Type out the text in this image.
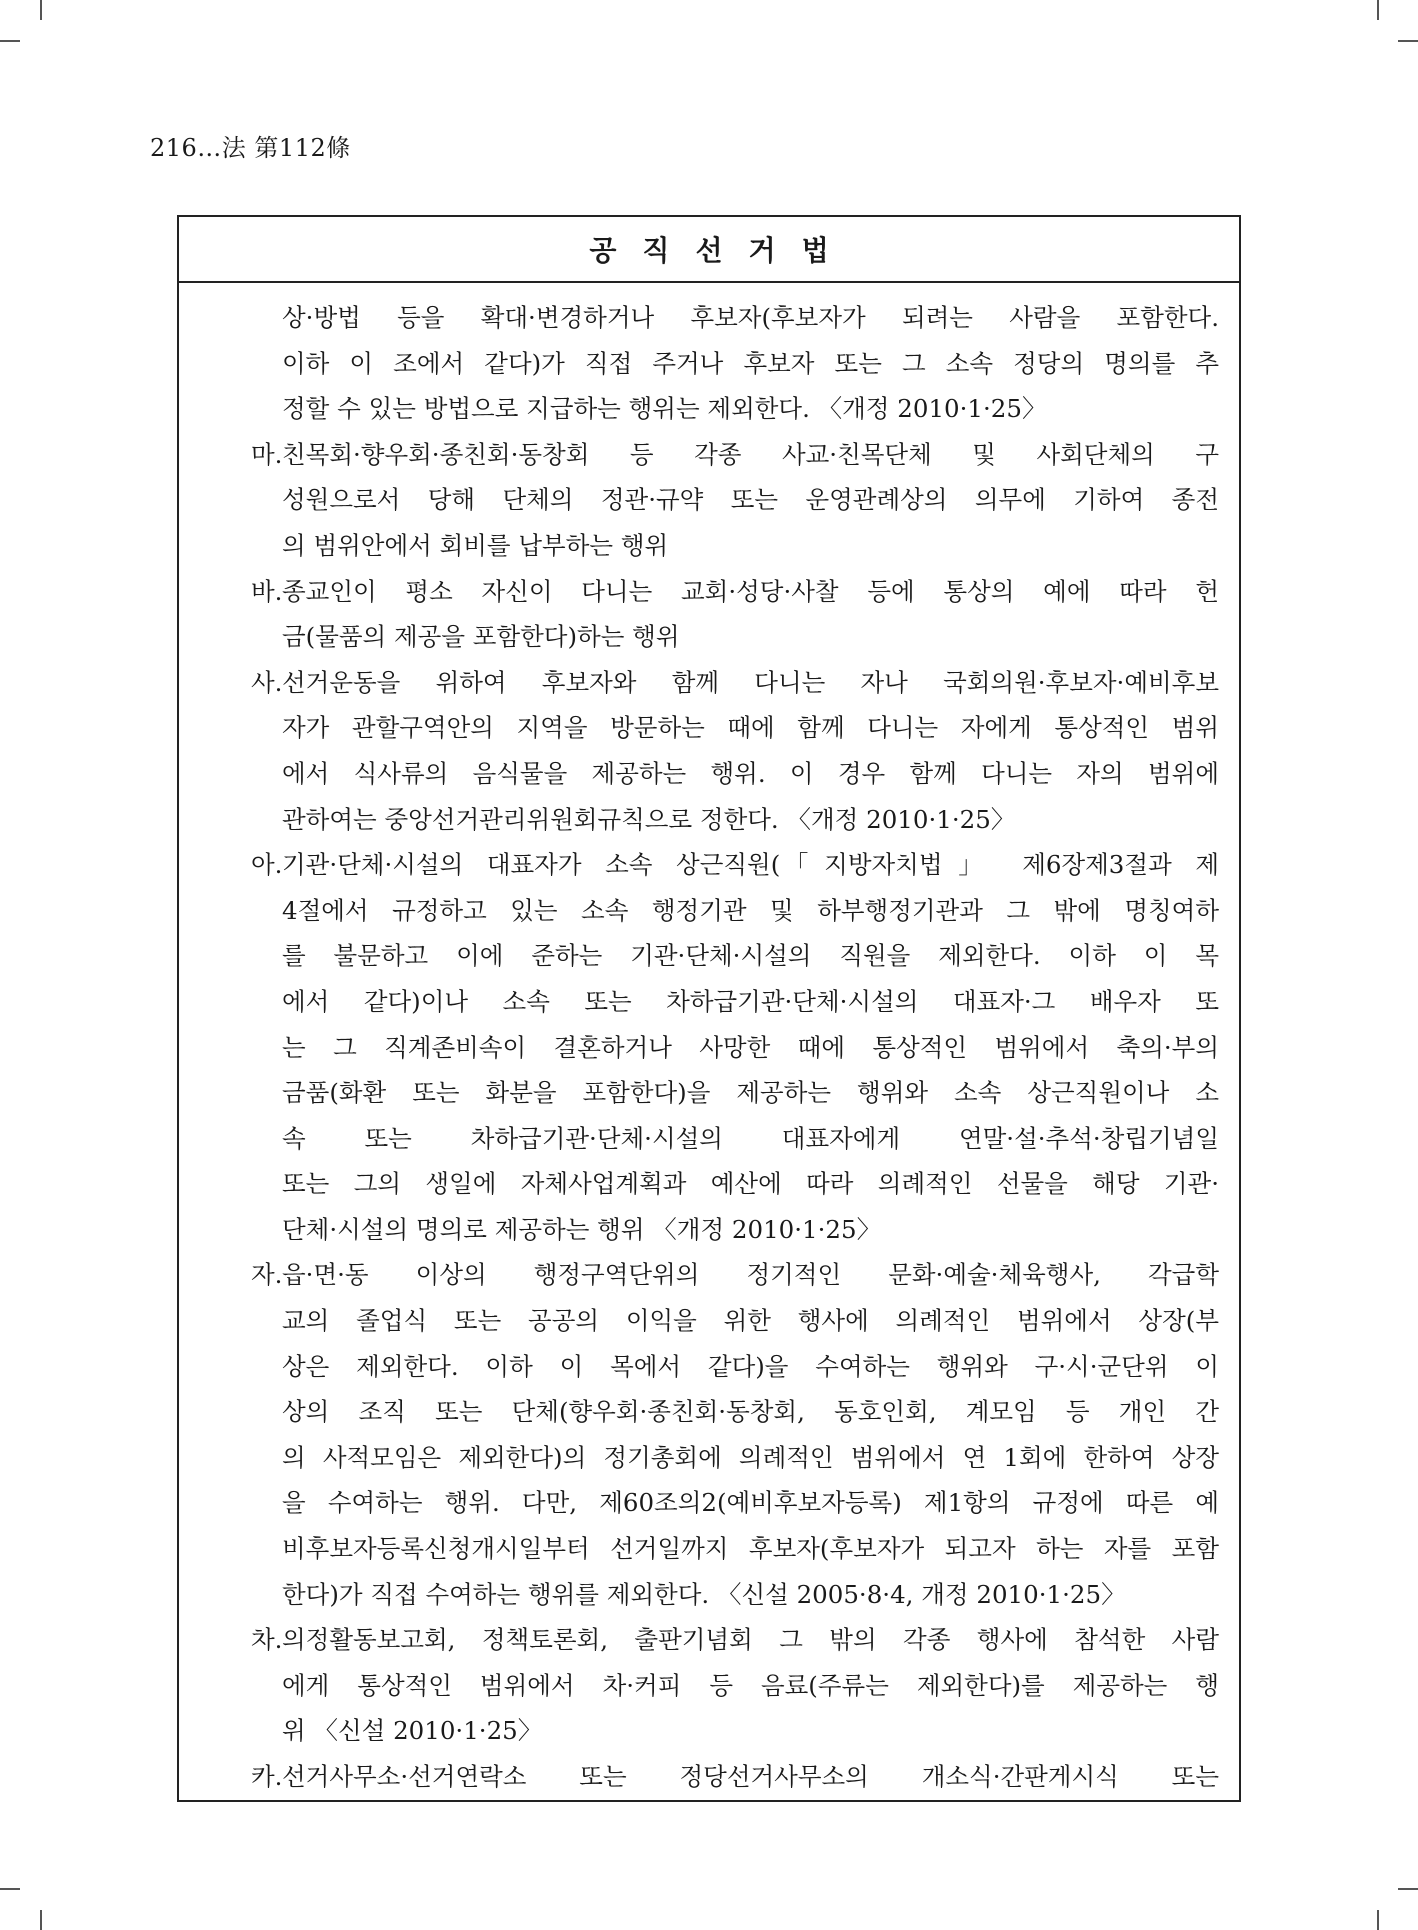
216…法 第112條
공직선거법
상·방법 등을 확대·변경하거나 후보자(후보자가 되려는 사람을 포함한다.
이하 이 조에서 같다)가 직접 주거나 후보자 또는 그 소속 정당의 명의를 추
정할 수 있는 방법으로 지급하는 행위는 제외한다. 〈개정 2010·1·25〉
마. 친목회·향우회·종친회·동창회 등 각종 사교·친목단체 및 사회단체의 구
성원으로서 당해 단체의 정관·규약 또는 운영관례상의 의무에 기하여 종전
의 범위안에서 회비를 납부하는 행위
바. 종교인이 평소 자신이 다니는 교회·성당·사찰 등에 통상의 예에 따라 헌
금(물품의 제공을 포함한다)하는 행위
사. 선거운동을 위하여 후보자와 함께 다니는 자나 국회의원·후보자·예비후보
자가 관할구역안의 지역을 방문하는 때에 함께 다니는 자에게 통상적인 범위
에서 식사류의 음식물을 제공하는 행위. 이 경우 함께 다니는 자의 범위에
관하여는 중앙선거관리위원회규칙으로 정한다. 〈개정 2010·1·25〉
아. 기관·단체·시설의 대표자가 소속 상근직원(「지방자치법」 제6장제3절과 제
4절에서 규정하고 있는 소속 행정기관 및 하부행정기관과 그 밖에 명칭여하
를 불문하고 이에 준하는 기관·단체·시설의 직원을 제외한다. 이하 이 목
에서 같다)이나 소속 또는 차하급기관·단체·시설의 대표자·그 배우자 또
는 그 직계존비속이 결혼하거나 사망한 때에 통상적인 범위에서 축의·부의
금품(화환 또는 화분을 포함한다)을 제공하는 행위와 소속 상근직원이나 소
속 또는 차하급기관·단체·시설의 대표자에게 연말·설·추석·창립기념일
또는 그의 생일에 자체사업계획과 예산에 따라 의례적인 선물을 해당 기관·
단체·시설의 명의로 제공하는 행위 〈개정 2010·1·25〉
자. 읍·면·동 이상의 행정구역단위의 정기적인 문화·예술·체육행사, 각급학
교의 졸업식 또는 공공의 이익을 위한 행사에 의례적인 범위에서 상장(부
상은 제외한다. 이하 이 목에서 같다)을 수여하는 행위와 구·시·군단위 이
상의 조직 또는 단체(향우회·종친회·동창회, 동호인회, 계모임 등 개인 간
의 사적모임은 제외한다)의 정기총회에 의례적인 범위에서 연 1회에 한하여 상장
을 수여하는 행위. 다만, 제60조의2(예비후보자등록) 제1항의 규정에 따른 예
비후보자등록신청개시일부터 선거일까지 후보자(후보자가 되고자 하는 자를 포함
한다)가 직접 수여하는 행위를 제외한다. 〈신설 2005·8·4, 개정 2010·1·25〉
차. 의정활동보고회, 정책토론회, 출판기념회 그 밖의 각종 행사에 참석한 사람
에게 통상적인 범위에서 차·커피 등 음료(주류는 제외한다)를 제공하는 행
위 〈신설 2010·1·25〉
카. 선거사무소·선거연락소 또는 정당선거사무소의 개소식·간판게시식 또는
